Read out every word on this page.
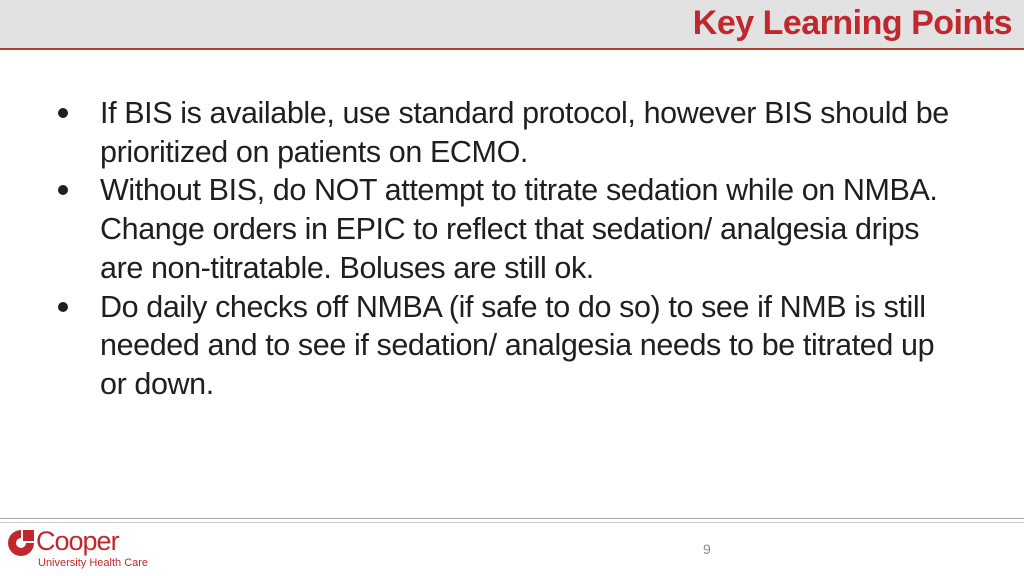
Key Learning Points
If BIS is available, use standard protocol, however BIS should be prioritized on patients on ECMO.
Without BIS, do NOT attempt to titrate sedation while on NMBA. Change orders in EPIC to reflect that sedation/ analgesia drips are non-titratable. Boluses are still ok.
Do daily checks off NMBA (if safe to do so) to see if NMB is still needed and to see if sedation/ analgesia needs to be titrated up or down.
Cooper
University Health Care
9
